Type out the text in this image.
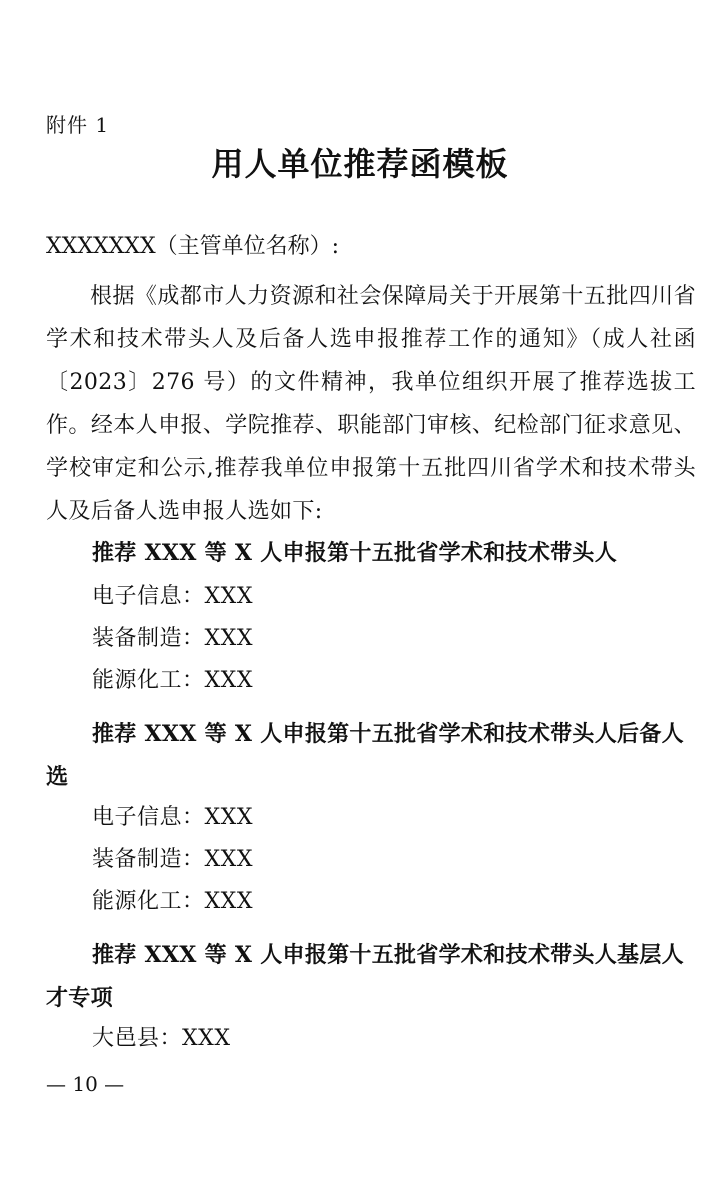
附件 1
用人单位推荐函模板
XXXXXXX（主管单位名称）:
根据《成都市人力资源和社会保障局关于开展第十五批四川省学术和技术带头人及后备人选申报推荐工作的通知》（成人社函〔2023〕276 号）的文件精神，我单位组织开展了推荐选拔工作。经本人申报、学院推荐、职能部门审核、纪检部门征求意见、学校审定和公示,推荐我单位申报第十五批四川省学术和技术带头人及后备人选申报人选如下:
推荐 XXX 等 X 人申报第十五批省学术和技术带头人
电子信息：XXX
装备制造：XXX
能源化工：XXX
推荐 XXX 等 X 人申报第十五批省学术和技术带头人后备人选
电子信息：XXX
装备制造：XXX
能源化工：XXX
推荐 XXX 等 X 人申报第十五批省学术和技术带头人基层人才专项
大邑县：XXX
— 10 —
